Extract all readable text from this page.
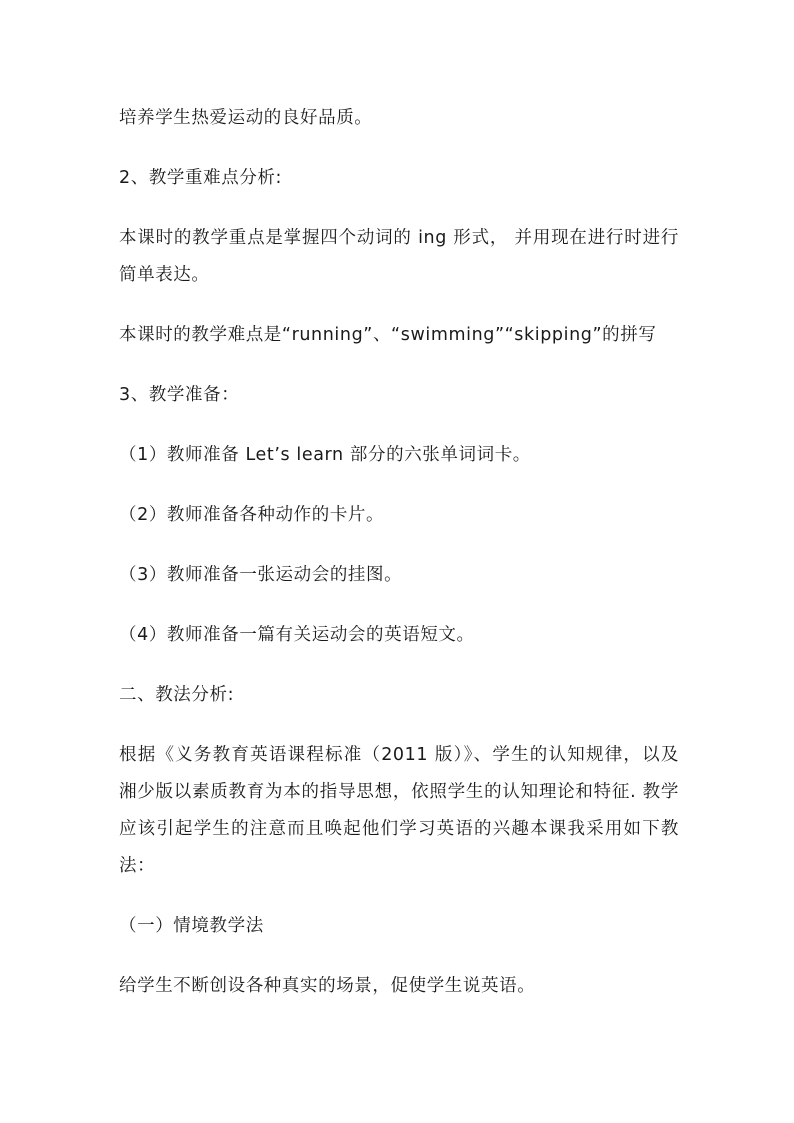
培养学生热爱运动的良好品质。

2、教学重难点分析:

本课时的教学重点是掌握四个动词的 ing 形式， 并用现在进行时进行简单表达。

本课时的教学难点是“running”、“swimming”“skipping”的拼写

3、教学准备：

（1）教师准备 Let’s learn 部分的六张单词词卡。

（2）教师准备各种动作的卡片。

（3）教师准备一张运动会的挂图。

（4）教师准备一篇有关运动会的英语短文。

二、教法分析:

根据《义务教育英语课程标准（2011 版）》、学生的认知规律，以及湘少版以素质教育为本的指导思想，依照学生的认知理论和特征. 教学应该引起学生的注意而且唤起他们学习英语的兴趣本课我采用如下教法：

（一）情境教学法

给学生不断创设各种真实的场景，促使学生说英语。
